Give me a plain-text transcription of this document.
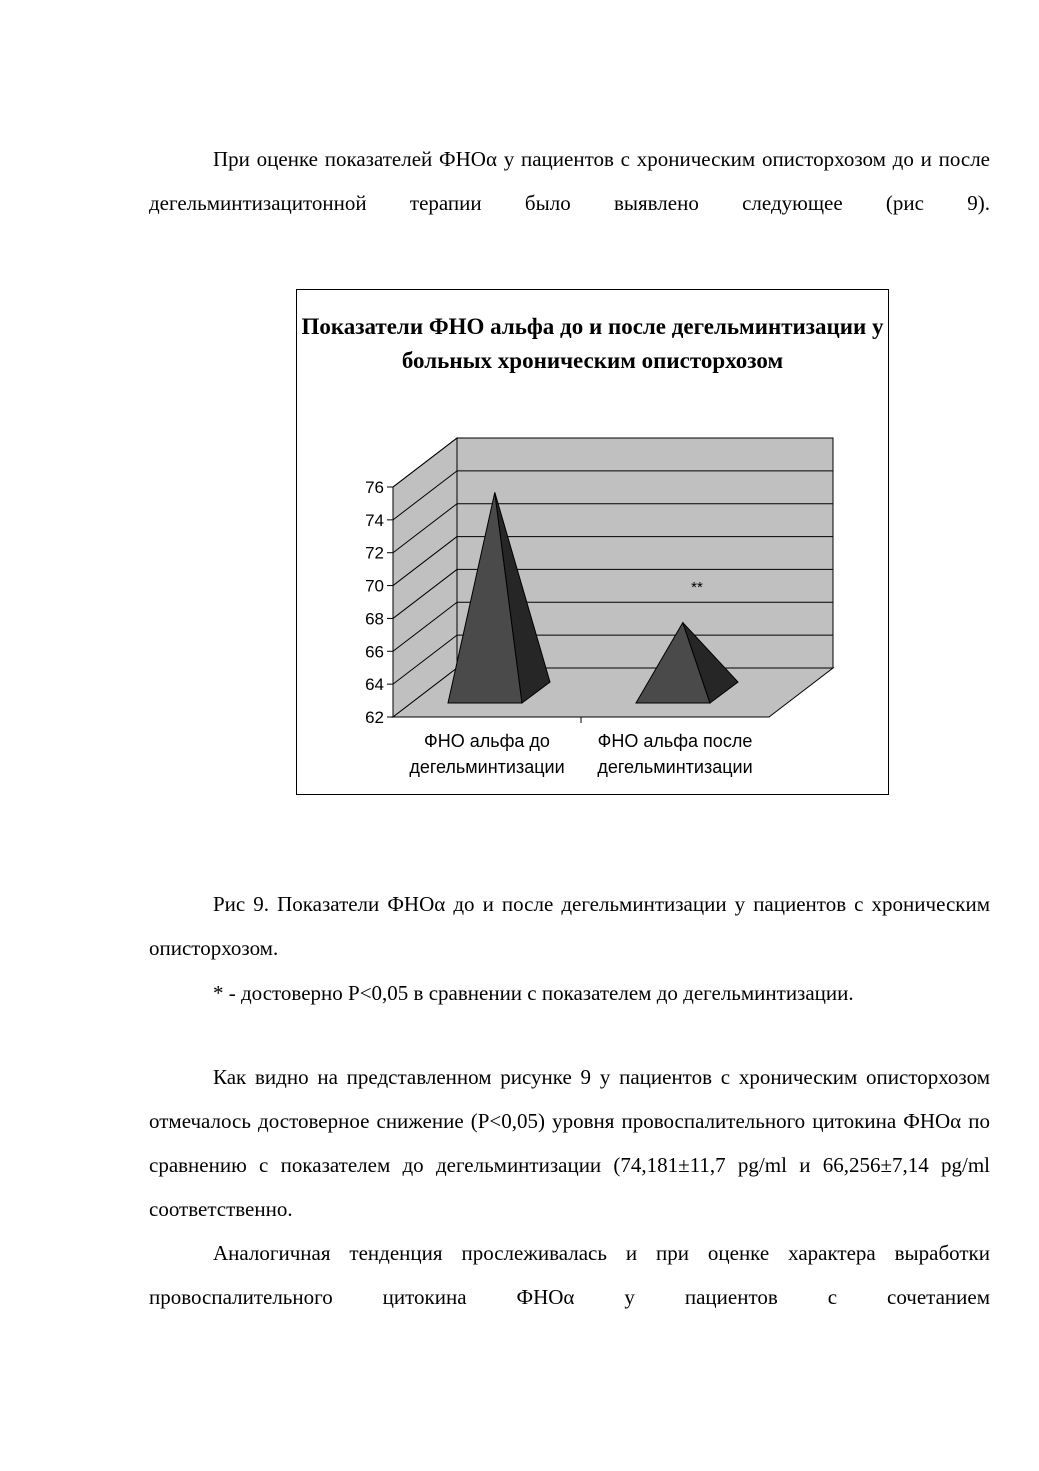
При оценке показателей ФНОα у пациентов с хроническим описторхозом до и после дегельминтизацитонной терапии было выявлено следующее (рис 9).

Показатели ФНО альфа до и после дегельминтизации у больных хроническим описторхозом

62
64
66
68
70
72
74
76
**
ФНО альфа до
дегельминтизации
ФНО альфа после
дегельминтизации

Рис 9. Показатели ФНОα до и после дегельминтизации у пациентов с хроническим описторхозом.

* - достоверно Р<0,05 в сравнении с показателем до дегельминтизации.

Как видно на представленном рисунке 9 у пациентов с хроническим описторхозом отмечалось достоверное снижение (Р<0,05) уровня провоспалительного цитокина ФНОα по сравнению с показателем до дегельминтизации (74,181±11,7 pg/ml и 66,256±7,14 pg/ml соответственно.

Аналогичная тенденция прослеживалась и при оценке характера выработки провоспалительного цитокина ФНОα у пациентов с сочетанием
